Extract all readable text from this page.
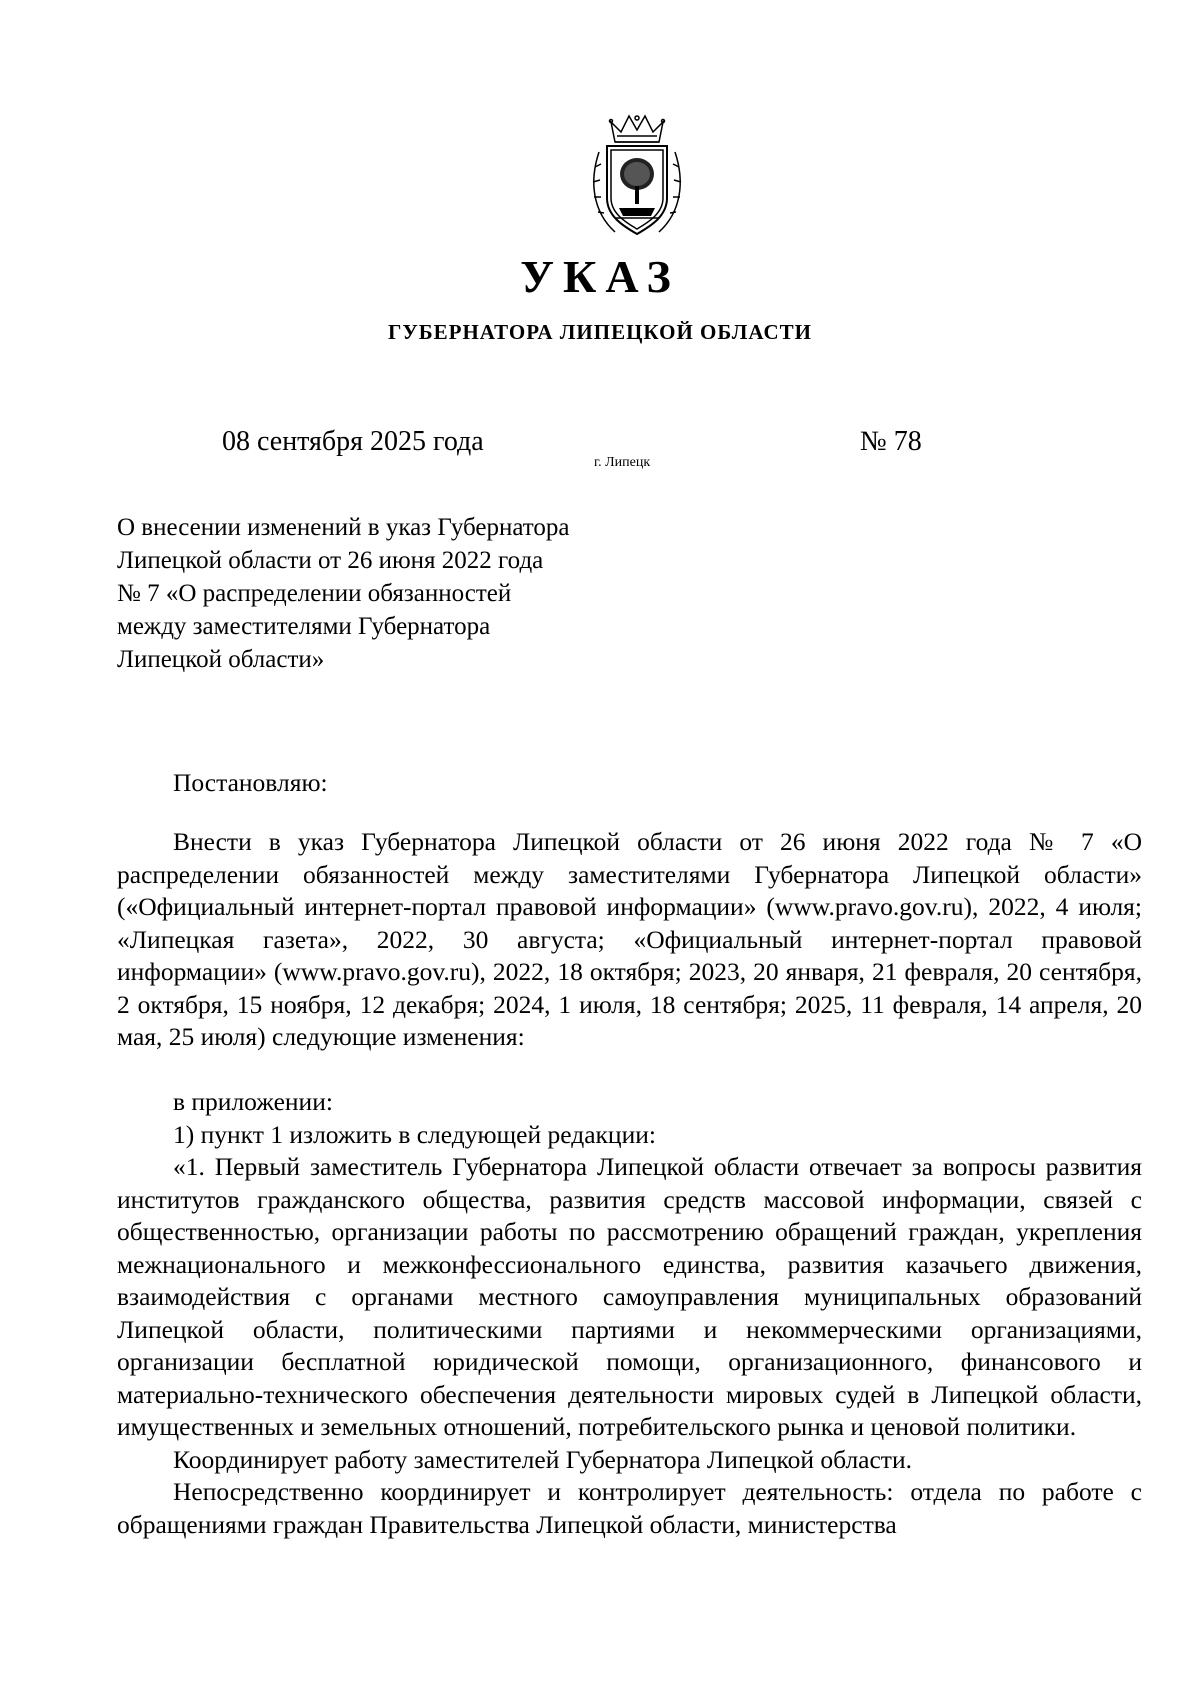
УКАЗ
ГУБЕРНАТОРА ЛИПЕЦКОЙ ОБЛАСТИ
08 сентября 2025 года
г. Липецк
№ 78
О внесении изменений в указ Губернатора
Липецкой области от 26 июня 2022 года
№ 7 «О распределении обязанностей
между заместителями Губернатора
Липецкой области»

Постановляю:

Внести в указ Губернатора Липецкой области от 26 июня 2022 года № 7 «О распределении обязанностей между заместителями Губернатора Липецкой области» («Официальный интернет-портал правовой информации» (www.pravo.gov.ru), 2022, 4 июля; «Липецкая газета», 2022, 30 августа; «Официальный интернет-портал правовой информации» (www.pravo.gov.ru), 2022, 18 октября; 2023, 20 января, 21 февраля, 20 сентября, 2 октября, 15 ноября, 12 декабря; 2024, 1 июля, 18 сентября; 2025, 11 февраля, 14 апреля, 20 мая, 25 июля) следующие изменения:

в приложении:

1) пункт 1 изложить в следующей редакции:

«1. Первый заместитель Губернатора Липецкой области отвечает за вопросы развития институтов гражданского общества, развития средств массовой информации, связей с общественностью, организации работы по рассмотрению обращений граждан, укрепления межнационального и межконфессионального единства, развития казачьего движения, взаимодействия с органами местного самоуправления муниципальных образований Липецкой области, политическими партиями и некоммерческими организациями, организации бесплатной юридической помощи, организационного, финансового и материально-технического обеспечения деятельности мировых судей в Липецкой области, имущественных и земельных отношений, потребительского рынка и ценовой политики.

Координирует работу заместителей Губернатора Липецкой области.

Непосредственно координирует и контролирует деятельность: отдела по работе с обращениями граждан Правительства Липецкой области, министерства
